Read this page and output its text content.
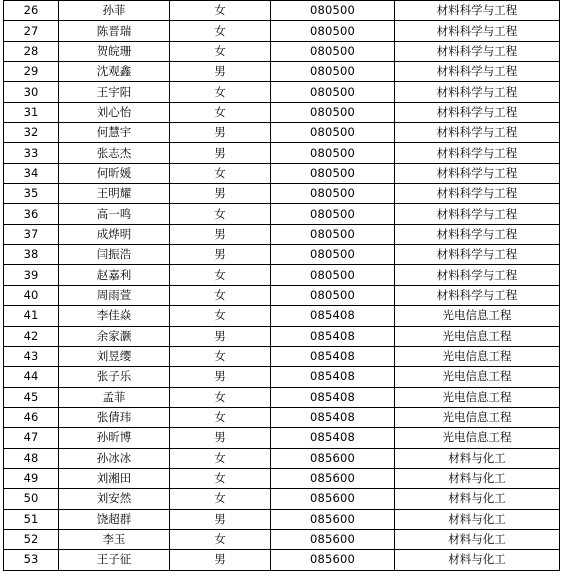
26	孙菲	女	080500	材料科学与工程
27	陈晋瑞	女	080500	材料科学与工程
28	贺皖珊	女	080500	材料科学与工程
29	沈观鑫	男	080500	材料科学与工程
30	王宇阳	女	080500	材料科学与工程
31	刘心怡	女	080500	材料科学与工程
32	何慧宇	男	080500	材料科学与工程
33	张志杰	男	080500	材料科学与工程
34	何昕媛	女	080500	材料科学与工程
35	王明耀	男	080500	材料科学与工程
36	高一鸣	女	080500	材料科学与工程
37	成烨明	男	080500	材料科学与工程
38	闫振浩	男	080500	材料科学与工程
39	赵嘉利	女	080500	材料科学与工程
40	周雨萱	女	080500	材料科学与工程
41	李佳焱	女	085408	光电信息工程
42	余家灏	男	085408	光电信息工程
43	刘昱缨	女	085408	光电信息工程
44	张子乐	男	085408	光电信息工程
45	孟菲	女	085408	光电信息工程
46	张倩玮	女	085408	光电信息工程
47	孙昕博	男	085408	光电信息工程
48	孙冰冰	女	085600	材料与化工
49	刘湘田	女	085600	材料与化工
50	刘安然	女	085600	材料与化工
51	饶超群	男	085600	材料与化工
52	李玉	女	085600	材料与化工
53	王子征	男	085600	材料与化工
